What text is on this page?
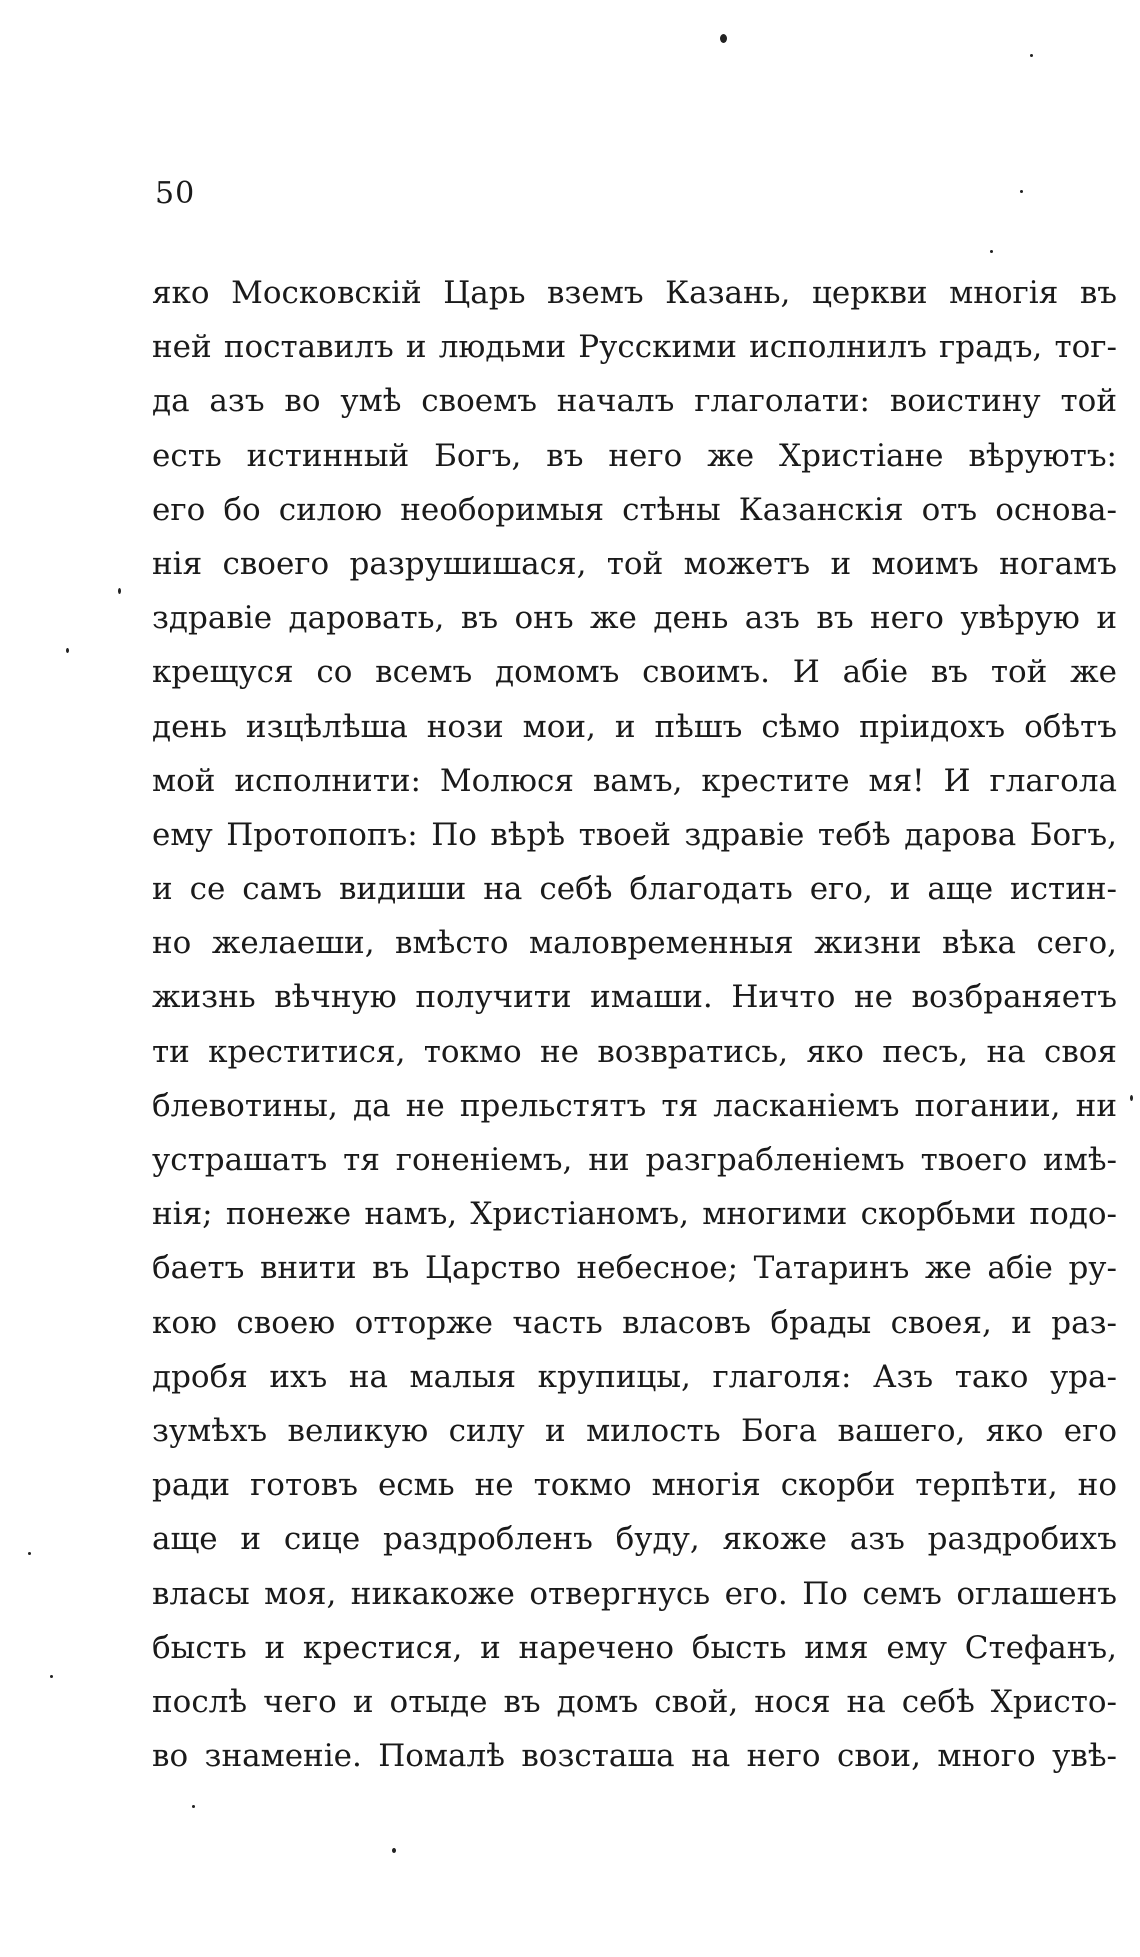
50
яко Московскій Царь вземъ Казань, церкви многія въ
ней поставилъ и людьми Русскими исполнилъ градъ, тог-
да азъ во умѣ своемъ началъ глаголати: воистину той
есть истинный Богъ, въ него же Христіане вѣруютъ:
его бо силою необоримыя стѣны Казанскія отъ основа-
нія своего разрушишася, той можетъ и моимъ ногамъ
здравіе даровать, въ онъ же день азъ въ него увѣрую и
крещуся со всемъ домомъ своимъ. И абіе въ той же
день изцѣлѣша нози мои, и пѣшъ сѣмо пріидохъ обѣтъ
мой исполнити: Молюся вамъ, крестите мя! И глагола
ему Протопопъ: По вѣрѣ твоей здравіе тебѣ дарова Богъ,
и се самъ видиши на себѣ благодать его, и аще истин-
но желаеши, вмѣсто маловременныя жизни вѣка сего,
жизнь вѣчную получити имаши. Ничто не возбраняетъ
ти креститися, токмо не возвратись, яко песъ, на своя
блевотины, да не прельстятъ тя ласканіемъ погании, ни
устрашатъ тя гоненіемъ, ни разграбленіемъ твоего имѣ-
нія; понеже намъ, Христіаномъ, многими скорбьми подо-
баетъ внити въ Царство небесное; Татаринъ же абіе ру-
кою своею отторже часть власовъ брады своея, и раз-
дробя ихъ на малыя крупицы, глаголя: Азъ тако ура-
зумѣхъ великую силу и милость Бога вашего, яко его
ради готовъ есмь не токмо многія скорби терпѣти, но
аще и сице раздробленъ буду, якоже азъ раздробихъ
власы моя, никакоже отвергнусь его. По семъ оглашенъ
бысть и крестися, и наречено бысть имя ему Стефанъ,
послѣ чего и отыде въ домъ свой, нося на себѣ Христо-
во знаменіе. Помалѣ возсташа на него свои, много увѣ-
